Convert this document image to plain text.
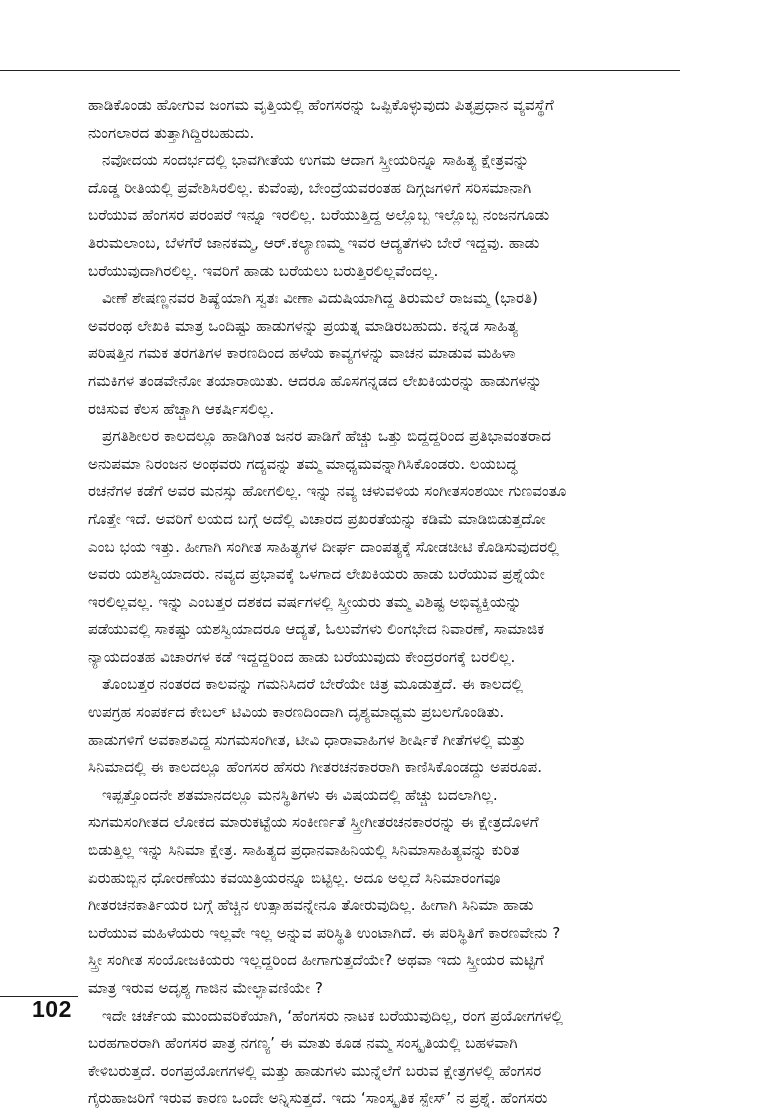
ಹಾಡಿಕೊಂಡು ಹೋಗುವ ಜಂಗಮ ವೃತ್ತಿಯಲ್ಲಿ ಹೆಂಗಸರನ್ನು ಒಪ್ಪಿಕೊಳ್ಳುವುದು ಪಿತೃಪ್ರಧಾನ ವ್ಯವಸ್ಥೆಗೆ
ನುಂಗಲಾರದ ತುತ್ತಾಗಿದ್ದಿರಬಹುದು.
ನವೋದಯ ಸಂದರ್ಭದಲ್ಲಿ ಭಾವಗೀತೆಯ ಉಗಮ ಆದಾಗ ಸ್ತ್ರೀಯರಿನ್ನೂ ಸಾಹಿತ್ಯ ಕ್ಷೇತ್ರವನ್ನು
ದೊಡ್ಡ ರೀತಿಯಲ್ಲಿ ಪ್ರವೇಶಿಸಿರಲಿಲ್ಲ. ಕುವೆಂಪು, ಬೇಂದ್ರೆಯವರಂತಹ ದಿಗ್ಗಜಗಳಿಗೆ ಸರಿಸಮಾನಾಗಿ
ಬರೆಯುವ ಹೆಂಗಸರ ಪರಂಪರೆ ಇನ್ನೂ ಇರಲಿಲ್ಲ. ಬರೆಯುತ್ತಿದ್ದ ಅಲ್ಲೊಬ್ಬ ಇಲ್ಲೊಬ್ಬ ನಂಜನಗೂಡು
ತಿರುಮಲಾಂಬ, ಬೆಳಗೆರೆ ಜಾನಕಮ್ಮ, ಆರ್.ಕಲ್ಯಾಣಮ್ಮ ಇವರ ಆದ್ಯತೆಗಳು ಬೇರೆ ಇದ್ದವು. ಹಾಡು
ಬರೆಯುವುದಾಗಿರಲಿಲ್ಲ. ಇವರಿಗೆ ಹಾಡು ಬರೆಯಲು ಬರುತ್ತಿರಲಿಲ್ಲವೆಂದಲ್ಲ.
ವೀಣೆ ಶೇಷಣ್ಣನವರ ಶಿಷ್ಯೆಯಾಗಿ ಸ್ವತಃ ವೀಣಾ ವಿದುಷಿಯಾಗಿದ್ದ ತಿರುಮಲೆ ರಾಜಮ್ಮ (ಭಾರತಿ)
ಅವರಂಥ ಲೇಖಕಿ ಮಾತ್ರ ಒಂದಿಷ್ಟು ಹಾಡುಗಳನ್ನು ಪ್ರಯತ್ನ ಮಾಡಿರಬಹುದು. ಕನ್ನಡ ಸಾಹಿತ್ಯ
ಪರಿಷತ್ತಿನ ಗಮಕ ತರಗತಿಗಳ ಕಾರಣದಿಂದ ಹಳೆಯ ಕಾವ್ಯಗಳನ್ನು ವಾಚನ ಮಾಡುವ ಮಹಿಳಾ
ಗಮಕಿಗಳ ತಂಡವೇನೋ ತಯಾರಾಯಿತು. ಆದರೂ ಹೊಸಗನ್ನಡದ ಲೇಖಕಿಯರನ್ನು ಹಾಡುಗಳನ್ನು
ರಚಿಸುವ ಕೆಲಸ ಹೆಚ್ಚಾಗಿ ಆಕರ್ಷಿಸಲಿಲ್ಲ.
ಪ್ರಗತಿಶೀಲರ ಕಾಲದಲ್ಲೂ ಹಾಡಿಗಿಂತ ಜನರ ಪಾಡಿಗೆ ಹೆಚ್ಚು ಒತ್ತು ಬಿದ್ದದ್ದರಿಂದ ಪ್ರತಿಭಾವಂತರಾದ
ಅನುಪಮಾ ನಿರಂಜನ ಅಂಥವರು ಗದ್ಯವನ್ನು ತಮ್ಮ ಮಾಧ್ಯಮವನ್ನಾಗಿಸಿಕೊಂಡರು. ಲಯಬದ್ಧ
ರಚನೆಗಳ ಕಡೆಗೆ ಅವರ ಮನಸ್ಸು ಹೋಗಲಿಲ್ಲ. ಇನ್ನು ನವ್ಯ ಚಳುವಳಿಯ ಸಂಗೀತಸಂಶಯೀ ಗುಣವಂತೂ
ಗೊತ್ತೇ ಇದೆ. ಅವರಿಗೆ ಲಯದ ಬಗ್ಗೆ ಅದೆಲ್ಲಿ ವಿಚಾರದ ಪ್ರಖರತೆಯನ್ನು ಕಡಿಮೆ ಮಾಡಿಬಿಡುತ್ತದೋ
ಎಂಬ ಭಯ ಇತ್ತು. ಹೀಗಾಗಿ ಸಂಗೀತ ಸಾಹಿತ್ಯಗಳ ದೀರ್ಘ ದಾಂಪತ್ಯಕ್ಕೆ ಸೋಡಚೀಟಿ ಕೊಡಿಸುವುದರಲ್ಲಿ
ಅವರು ಯಶಸ್ವಿಯಾದರು. ನವ್ಯದ ಪ್ರಭಾವಕ್ಕೆ ಒಳಗಾದ ಲೇಖಕಿಯರು ಹಾಡು ಬರೆಯುವ ಪ್ರಶ್ನೆಯೇ
ಇರಲಿಲ್ಲವಲ್ಲ. ಇನ್ನು ಎಂಬತ್ತರ ದಶಕದ ವರ್ಷಗಳಲ್ಲಿ ಸ್ತ್ರೀಯರು ತಮ್ಮ ವಿಶಿಷ್ಟ ಅಭಿವ್ಯಕ್ತಿಯನ್ನು
ಪಡೆಯುವಲ್ಲಿ ಸಾಕಷ್ಟು ಯಶಸ್ವಿಯಾದರೂ ಆದ್ಯತೆ, ಓಲುವೆಗಳು ಲಿಂಗಭೇದ ನಿವಾರಣೆ, ಸಾಮಾಜಿಕ
ನ್ಯಾಯದಂತಹ ವಿಚಾರಗಳ ಕಡೆ ಇದ್ದದ್ದರಿಂದ ಹಾಡು ಬರೆಯುವುದು ಕೇಂದ್ರರಂಗಕ್ಕೆ ಬರಲಿಲ್ಲ.
ತೊಂಬತ್ತರ ನಂತರದ ಕಾಲವನ್ನು ಗಮನಿಸಿದರೆ ಬೇರೆಯೇ ಚಿತ್ರ ಮೂಡುತ್ತದೆ. ಈ ಕಾಲದಲ್ಲಿ
ಉಪಗ್ರಹ ಸಂಪರ್ಕದ ಕೇಬಲ್ ಟಿವಿಯ ಕಾರಣದಿಂದಾಗಿ ದೃಶ್ಯಮಾಧ್ಯಮ ಪ್ರಬಲಗೊಂಡಿತು.
ಹಾಡುಗಳಿಗೆ ಅವಕಾಶವಿದ್ದ ಸುಗಮಸಂಗೀತ, ಟೀವಿ ಧಾರಾವಾಹಿಗಳ ಶೀರ್ಷಿಕೆ ಗೀತೆಗಳಲ್ಲಿ ಮತ್ತು
ಸಿನಿಮಾದಲ್ಲಿ ಈ ಕಾಲದಲ್ಲೂ ಹೆಂಗಸರ ಹೆಸರು ಗೀತರಚನಕಾರರಾಗಿ ಕಾಣಿಸಿಕೊಂಡದ್ದು ಅಪರೂಪ.
ಇಪ್ಪತ್ತೊಂದನೇ ಶತಮಾನದಲ್ಲೂ ಮನಸ್ಥಿತಿಗಳು ಈ ವಿಷಯದಲ್ಲಿ ಹೆಚ್ಚು ಬದಲಾಗಿಲ್ಲ.
ಸುಗಮಸಂಗೀತದ ಲೋಕದ ಮಾರುಕಟ್ಟೆಯ ಸಂಕೀರ್ಣತೆ ಸ್ತ್ರೀಗೀತರಚನಕಾರರನ್ನು ಈ ಕ್ಷೇತ್ರದೊಳಗೆ
ಬಿಡುತ್ತಿಲ್ಲ ಇನ್ನು ಸಿನಿಮಾ ಕ್ಷೇತ್ರ. ಸಾಹಿತ್ಯದ ಪ್ರಧಾನವಾಹಿನಿಯಲ್ಲಿ ಸಿನಿಮಾಸಾಹಿತ್ಯವನ್ನು ಕುರಿತ
ಏರುಹುಬ್ಬಿನ ಧೋರಣೆಯು ಕವಯಿತ್ರಿಯರನ್ನೂ ಬಿಟ್ಟಿಲ್ಲ. ಅದೂ ಅಲ್ಲದೆ ಸಿನಿಮಾರಂಗವೂ
ಗೀತರಚನಕಾರ್ತಿಯರ ಬಗ್ಗೆ ಹೆಚ್ಚಿನ ಉತ್ಸಾಹವನ್ನೇನೂ ತೋರುವುದಿಲ್ಲ. ಹೀಗಾಗಿ ಸಿನಿಮಾ ಹಾಡು
ಬರೆಯುವ ಮಹಿಳೆಯರು ಇಲ್ಲವೇ ಇಲ್ಲ ಅನ್ನುವ ಪರಿಸ್ಥಿತಿ ಉಂಟಾಗಿದೆ. ಈ ಪರಿಸ್ಥಿತಿಗೆ ಕಾರಣವೇನು ?
ಸ್ತ್ರೀ ಸಂಗೀತ ಸಂಯೋಜಕಿಯರು ಇಲ್ಲದ್ದರಿಂದ ಹೀಗಾಗುತ್ತದೆಯೇ? ಅಥವಾ ಇದು ಸ್ತ್ರೀಯರ ಮಟ್ಟಿಗೆ
ಮಾತ್ರ ಇರುವ ಅದೃಶ್ಯ ಗಾಜಿನ ಮೇಲ್ಛಾವಣಿಯೇ ?
ಇದೇ ಚರ್ಚೆಯ ಮುಂದುವರಿಕೆಯಾಗಿ, ‘ಹೆಂಗಸರು ನಾಟಕ ಬರೆಯುವುದಿಲ್ಲ, ರಂಗ ಪ್ರಯೋಗಗಳಲ್ಲಿ
ಬರಹಗಾರರಾಗಿ ಹೆಂಗಸರ ಪಾತ್ರ ನಗಣ್ಯ’ ಈ ಮಾತು ಕೂಡ ನಮ್ಮ ಸಂಸ್ಕೃತಿಯಲ್ಲಿ ಬಹಳವಾಗಿ
ಕೇಳಿಬರುತ್ತದೆ. ರಂಗಪ್ರಯೋಗಗಳಲ್ಲಿ ಮತ್ತು ಹಾಡುಗಳು ಮುನ್ನೆಲೆಗೆ ಬರುವ ಕ್ಷೇತ್ರಗಳಲ್ಲಿ ಹೆಂಗಸರ
ಗೈರುಹಾಜರಿಗೆ ಇರುವ ಕಾರಣ ಒಂದೇ ಅನ್ನಿಸುತ್ತದೆ. ಇದು ‘ಸಾಂಸ್ಕೃತಿಕ ಸ್ಪೇಸ್’ ನ ಪ್ರಶ್ನೆ. ಹೆಂಗಸರು
102
